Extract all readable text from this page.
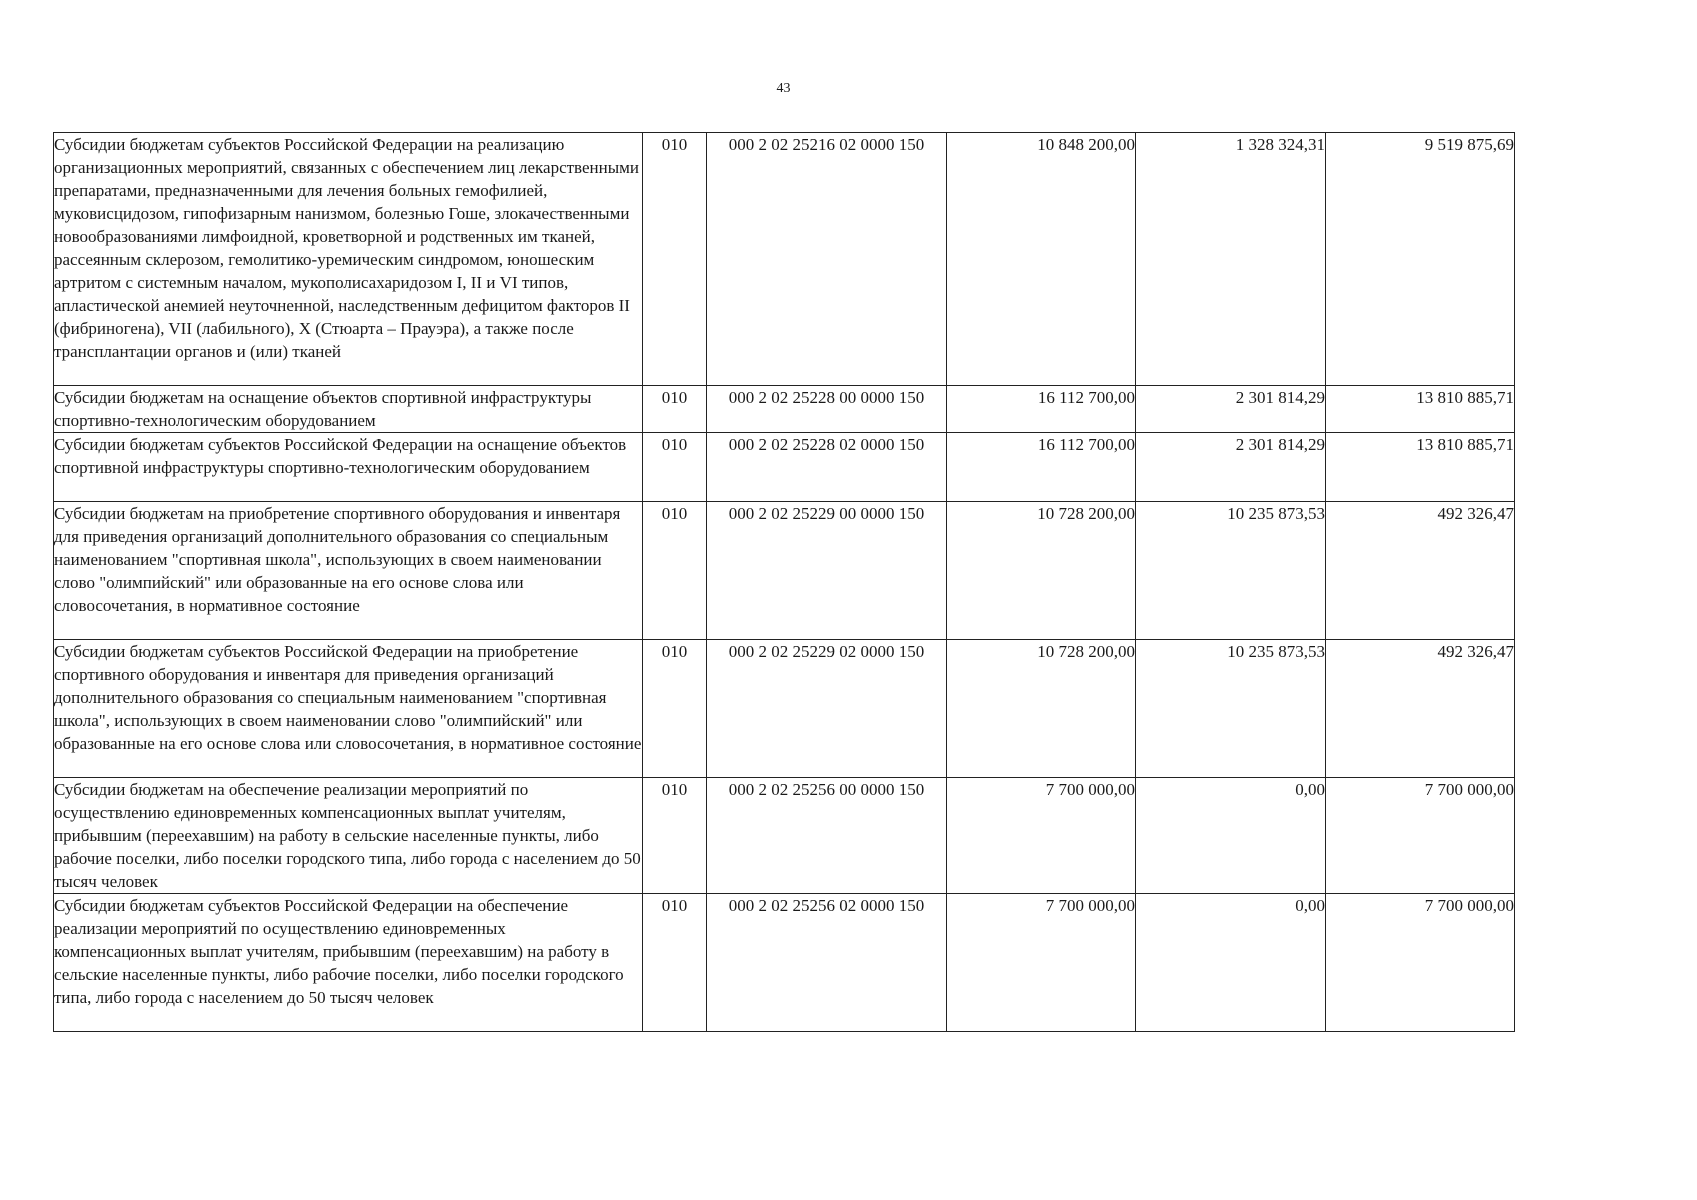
43
Субсидии бюджетам субъектов Российской Федерации на реализацию организационных мероприятий, связанных с обеспечением лиц лекарственными препаратами, предназначенными для лечения больных гемофилией, муковисцидозом, гипофизарным нанизмом, болезнью Гоше, злокачественными новообразованиями лимфоидной, кроветворной и родственных им тканей, рассеянным склерозом, гемолитико-уремическим синдромом, юношеским артритом с системным началом, мукополисахаридозом I, II и VI типов, апластической анемией неуточненной, наследственным дефицитом факторов II (фибриногена), VII (лабильного), X (Стюарта – Прауэра), а также после трансплантации органов и (или) тканей	010	000 2 02 25216 02 0000 150	10 848 200,00	1 328 324,31	9 519 875,69
Субсидии бюджетам на оснащение объектов спортивной инфраструктуры спортивно-технологическим оборудованием	010	000 2 02 25228 00 0000 150	16 112 700,00	2 301 814,29	13 810 885,71
Субсидии бюджетам субъектов Российской Федерации на оснащение объектов спортивной инфраструктуры спортивно-технологическим оборудованием	010	000 2 02 25228 02 0000 150	16 112 700,00	2 301 814,29	13 810 885,71
Субсидии бюджетам на приобретение спортивного оборудования и инвентаря для приведения организаций дополнительного образования со специальным наименованием "спортивная школа", использующих в своем наименовании слово "олимпийский" или образованные на его основе слова или словосочетания, в нормативное состояние	010	000 2 02 25229 00 0000 150	10 728 200,00	10 235 873,53	492 326,47
Субсидии бюджетам субъектов Российской Федерации на приобретение спортивного оборудования и инвентаря для приведения организаций дополнительного образования со специальным наименованием "спортивная школа", использующих в своем наименовании слово "олимпийский" или образованные на его основе слова или словосочетания, в нормативное состояние	010	000 2 02 25229 02 0000 150	10 728 200,00	10 235 873,53	492 326,47
Субсидии бюджетам на обеспечение реализации мероприятий по осуществлению единовременных компенсационных выплат учителям, прибывшим (переехавшим) на работу в сельские населенные пункты, либо рабочие поселки, либо поселки городского типа, либо города с населением до 50 тысяч человек	010	000 2 02 25256 00 0000 150	7 700 000,00	0,00	7 700 000,00
Субсидии бюджетам субъектов Российской Федерации на обеспечение реализации мероприятий по осуществлению единовременных компенсационных выплат учителям, прибывшим (переехавшим) на работу в сельские населенные пункты, либо рабочие поселки, либо поселки городского типа, либо города с населением до 50 тысяч человек	010	000 2 02 25256 02 0000 150	7 700 000,00	0,00	7 700 000,00
